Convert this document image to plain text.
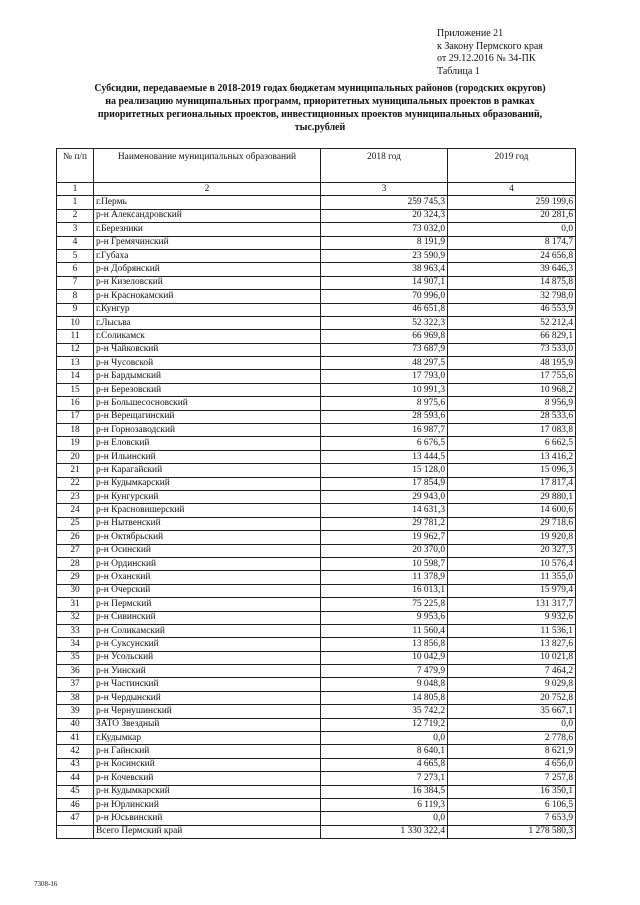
Приложение 21
к Закону Пермского края
от 29.12.2016 № 34-ПК
Таблица 1
Субсидии, передаваемые в 2018-2019 годах бюджетам муниципальных районов (городских округов)
на реализацию муниципальных программ, приоритетных муниципальных проектов в рамках
приоритетных региональных проектов, инвестиционных проектов муниципальных образований,
тыс.рублей
№ п/п	Наименование муниципальных образований	2018 год	2019 год
1	2	3	4
1	г.Пермь	259 745,3	259 199,6
2	р-н Александровский	20 324,3	20 281,6
3	г.Березники	73 032,0	0,0
4	р-н Гремячинский	8 191,9	8 174,7
5	г.Губаха	23 590,9	24 656,8
6	р-н Добрянский	38 963,4	39 646,3
7	р-н Кизеловский	14 907,1	14 875,8
8	р-н Краснокамский	70 996,0	32 798,0
9	г.Кунгур	46 651,8	46 553,9
10	г.Лысьва	52 322,3	52 212,4
11	г.Соликамск	66 969,8	66 829,1
12	р-н Чайковский	73 687,9	73 533,0
13	р-н Чусовской	48 297,5	48 195,9
14	р-н Бардымский	17 793,0	17 755,6
15	р-н Березовский	10 991,3	10 968,2
16	р-н Большесосновский	8 975,6	8 956,9
17	р-н Верещагинский	28 593,6	28 533,6
18	р-н Горнозаводский	16 987,7	17 083,8
19	р-н Еловский	6 676,5	6 662,5
20	р-н Ильинский	13 444,5	13 416,2
21	р-н Карагайский	15 128,0	15 096,3
22	р-н Кудымкарский	17 854,9	17 817,4
23	р-н Кунгурский	29 943,0	29 880,1
24	р-н Красновишерский	14 631,3	14 600,6
25	р-н Нытвенский	29 781,2	29 718,6
26	р-н Октябрьский	19 962,7	19 920,8
27	р-н Осинский	20 370,0	20 327,3
28	р-н Ординский	10 598,7	10 576,4
29	р-н Оханский	11 378,9	11 355,0
30	р-н Очерский	16 013,1	15 979,4
31	р-н Пермский	75 225,8	131 317,7
32	р-н Сивинский	9 953,6	9 932,6
33	р-н Соликамский	11 560,4	11 536,1
34	р-н Суксунский	13 856,8	13 827,6
35	р-н Усольский	10 042,9	10 021,8
36	р-н Уинский	7 479,9	7 464,2
37	р-н Частинский	9 048,8	9 029,8
38	р-н Чердынский	14 805,8	20 752,8
39	р-н Чернушинский	35 742,2	35 667,1
40	ЗАТО Звездный	12 719,2	0,0
41	г.Кудымкар	0,0	2 778,6
42	р-н Гайнский	8 640,1	8 621,9
43	р-н Косинский	4 665,8	4 656,0
44	р-н Кочевский	7 273,1	7 257,8
45	р-н Кудымкарский	16 384,5	16 350,1
46	р-н Юрлинский	6 119,3	6 106,5
47	р-н Юсьвинский	0,0	7 653,9
	Всего Пермский край	1 330 322,4	1 278 580,3
7308-16
